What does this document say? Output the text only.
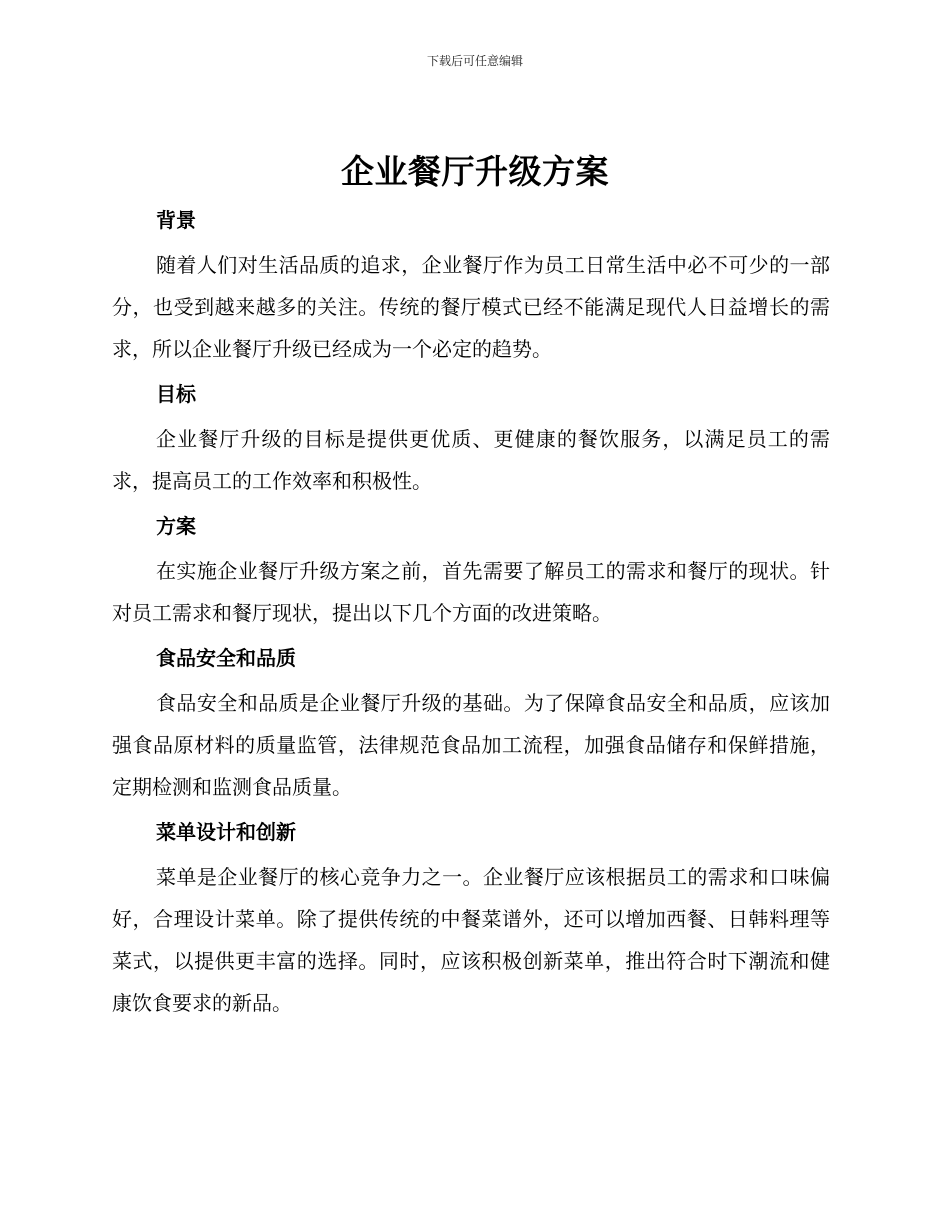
下载后可任意编辑
企业餐厅升级方案
背景

随着人们对生活品质的追求，企业餐厅作为员工日常生活中必不可少的一部分，也受到越来越多的关注。传统的餐厅模式已经不能满足现代人日益增长的需求，所以企业餐厅升级已经成为一个必定的趋势。

目标

企业餐厅升级的目标是提供更优质、更健康的餐饮服务，以满足员工的需求，提高员工的工作效率和积极性。

方案

在实施企业餐厅升级方案之前，首先需要了解员工的需求和餐厅的现状。针对员工需求和餐厅现状，提出以下几个方面的改进策略。

食品安全和品质

食品安全和品质是企业餐厅升级的基础。为了保障食品安全和品质，应该加强食品原材料的质量监管，法律规范食品加工流程，加强食品储存和保鲜措施，定期检测和监测食品质量。

菜单设计和创新

菜单是企业餐厅的核心竞争力之一。企业餐厅应该根据员工的需求和口味偏好，合理设计菜单。除了提供传统的中餐菜谱外，还可以增加西餐、日韩料理等菜式，以提供更丰富的选择。同时，应该积极创新菜单，推出符合时下潮流和健康饮食要求的新品。
